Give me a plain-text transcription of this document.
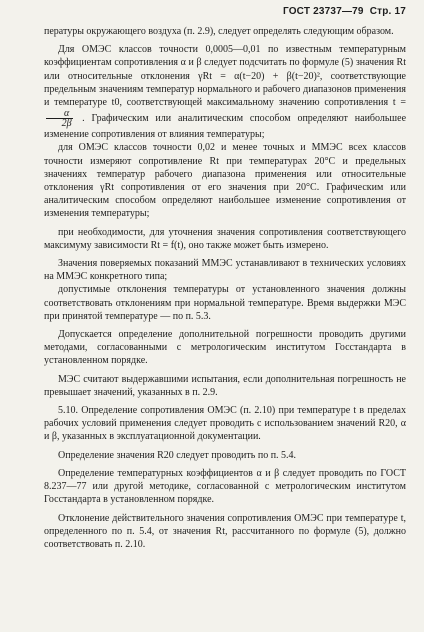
ГОСТ 23737—79 Стр. 17

пературы окружающего воздуха (п. 2.9), следует определять следующим образом.

Для ОМЭС классов точности 0,0005—0,01 по известным температурным коэффициентам сопротивления α и β следует подсчитать по формуле (5) значения Rt или относительные отклонения γRt = α(t−20) + β(t−20)², соответствующие предельным значениям температур нормального и рабочего диапазонов применения и температуре t0, соответствующей максимальному значению сопротивления t =
$\frac{\alpha}{2\beta}$ . Графическим или аналитическим способом определяют наибольшее изменение сопротивления от влияния температуры;

для ОМЭС классов точности 0,02 и менее точных и ММЭС всех классов точности измеряют сопротивление Rt при температурах 20°С и предельных значениях температур рабочего диапазона применения или относительные отклонения γRt сопротивления от его значения при 20°С. Графическим или аналитическим способом определяют наибольшее изменение сопротивления от изменения температуры;

при необходимости, для уточнения значения сопротивления соответствующего максимуму зависимости Rt = f(t), оно также может быть измерено.

Значения поверяемых показаний ММЭС устанавливают в технических условиях на ММЭС конкретного типа;

допустимые отклонения температуры от установленного значения должны соответствовать отклонениям при нормальной температуре. Время выдержки МЭС при принятой температуре — по п. 5.3.

Допускается определение дополнительной погрешности проводить другими методами, согласованными с метрологическим институтом Госстандарта в установленном порядке.

МЭС считают выдержавшими испытания, если дополнительная погрешность не превышает значений, указанных в п. 2.9.

5.10. Определение сопротивления ОМЭС (п. 2.10) при температуре t в пределах рабочих условий применения следует проводить с использованием значений R20, α и β, указанных в эксплуатационной документации.

Определение значения R20 следует проводить по п. 5.4.

Определение температурных коэффициентов α и β следует проводить по ГОСТ 8.237—77 или другой методике, согласованной с метрологическим институтом Госстандарта в установленном порядке.

Отклонение действительного значения сопротивления ОМЭС при температуре t, определенного по п. 5.4, от значения Rt, рассчитанного по формуле (5), должно соответствовать п. 2.10.
